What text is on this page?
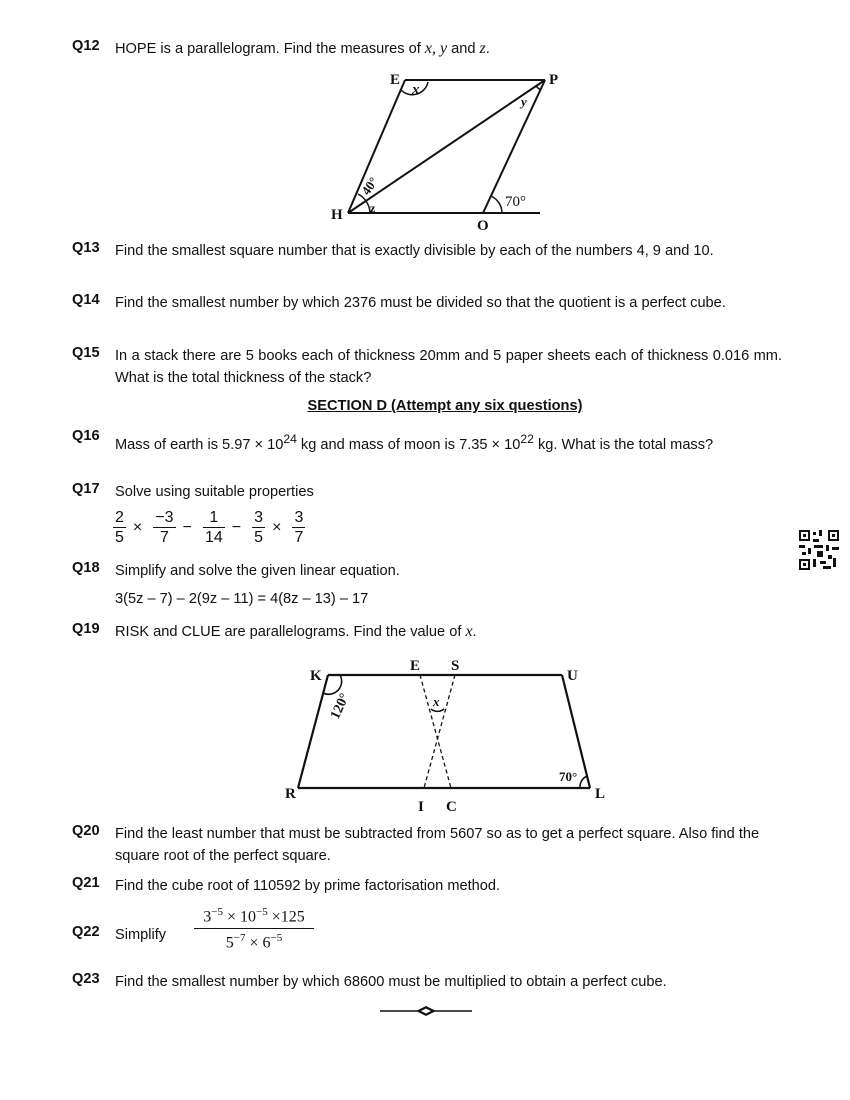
Q12 HOPE is a parallelogram. Find the measures of x, y and z.
E	P
H
O
x
y
z
40°
70°
Q13 Find the smallest square number that is exactly divisible by each of the numbers 4, 9 and 10.
Q14 Find the smallest number by which 2376 must be divided so that the quotient is a perfect cube.
Q15 In a stack there are 5 books each of thickness 20mm and 5 paper sheets each of thickness 0.016 mm. What is the total thickness of the stack?
SECTION D (Attempt any six questions)
Q16
Mass of earth is $5.97 \times 10^{24}$ kg and mass of moon is $7.35 \times 10^{22}$ kg. What is the total mass?
Q17 Solve using suitable properties
$\frac{2}{5} \times \frac{-3}{7} - \frac{1}{14} - \frac{3}{5} \times \frac{3}{7}$
Q18 Simplify and solve the given linear equation.
3(5z – 7) – 2(9z – 11) = 4(8z – 13) – 17
Q19 RISK and CLUE are parallelograms. Find the value of x.
K
E S
U
R
I C
L
120°
70°
x
Q20 Find the least number that must be subtracted from 5607 so as to get a perfect square. Also find the square root of the perfect square.
Q21 Find the cube root of 110592 by prime factorisation method.
Q22 Simplify	$\frac{3^{-5} \times 10^{-5} \times 125}{5^{-7} \times 6^{-5}}$
Q23 Find the smallest number by which 68600 must be multiplied to obtain a perfect cube.
